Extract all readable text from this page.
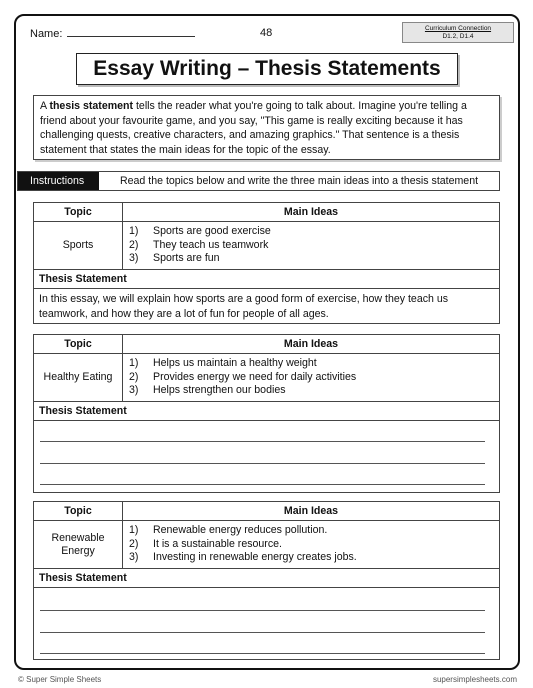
Name:	48	Curriculum Connection
D1.2, D1.4
Essay Writing – Thesis Statements
A thesis statement tells the reader what you're going to talk about. Imagine you're telling a friend about your favourite game, and you say, "This game is really exciting because it has challenging quests, creative characters, and amazing graphics." That sentence is a thesis statement that states the main ideas for the topic of the essay.
Instructions	Read the topics below and write the three main ideas into a thesis statement
Topic	Main Ideas
Sports
1)	Sports are good exercise
2)	They teach us teamwork
3)	Sports are fun
Thesis Statement
In this essay, we will explain how sports are a good form of exercise, how they teach us teamwork, and how they are a lot of fun for people of all ages.
Topic	Main Ideas
Healthy Eating
1)	Helps us maintain a healthy weight
2)	Provides energy we need for daily activities
3)	Helps strengthen our bodies
Thesis Statement
Topic	Main Ideas
Renewable Energy
1)	Renewable energy reduces pollution.
2)	It is a sustainable resource.
3)	Investing in renewable energy creates jobs.
Thesis Statement
© Super Simple Sheets	supersimplesheets.com
